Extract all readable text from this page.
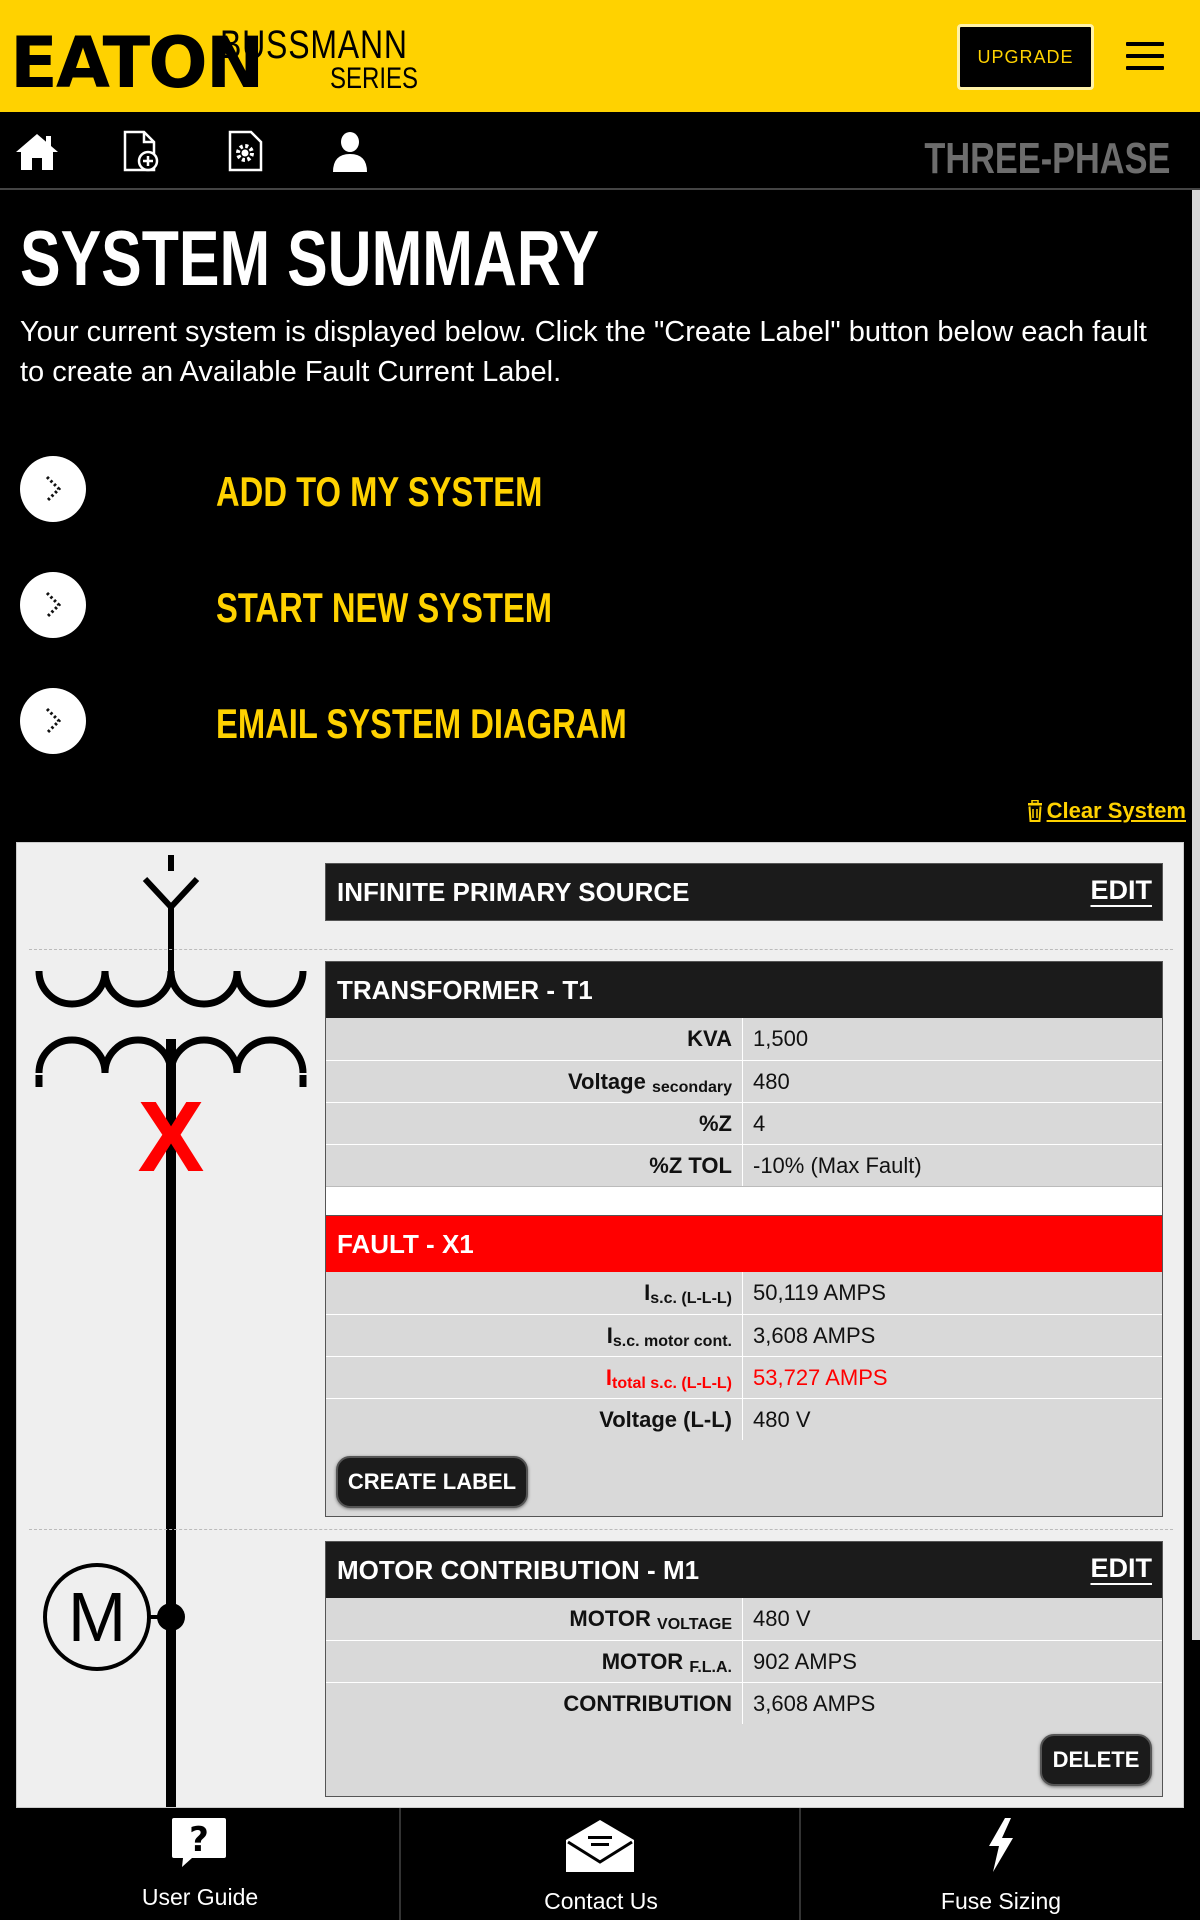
EATON
BUSSMANN
SERIES
UPGRADE
THREE-PHASE
SYSTEM SUMMARY
Your current system is displayed below. Click the "Create Label" button below each fault to create an Available Fault Current Label.
ADD TO MY SYSTEM
START NEW SYSTEM
EMAIL SYSTEM DIAGRAM
Clear System
X
M
INFINITE PRIMARY SOURCE	EDIT
TRANSFORMER - T1
KVA 1,500
Voltage $_{secondary}$ 480
%Z 4
%Z TOL -10% (Max Fault)
FAULT - X1
$I_{s.c. (L-L-L)}$ 50,119 AMPS
$I_{s.c. motor cont.}$ 3,608 AMPS
$I_{total s.c. (L-L-L)}$ 53,727 AMPS
Voltage (L-L) 480 V
CREATE LABEL
MOTOR CONTRIBUTION - M1	EDIT
MOTOR $_{VOLTAGE}$ 480 V
MOTOR $_{F.L.A.}$ 902 AMPS
CONTRIBUTION 3,608 AMPS
DELETE
?
User Guide	Contact Us	Fuse Sizing
